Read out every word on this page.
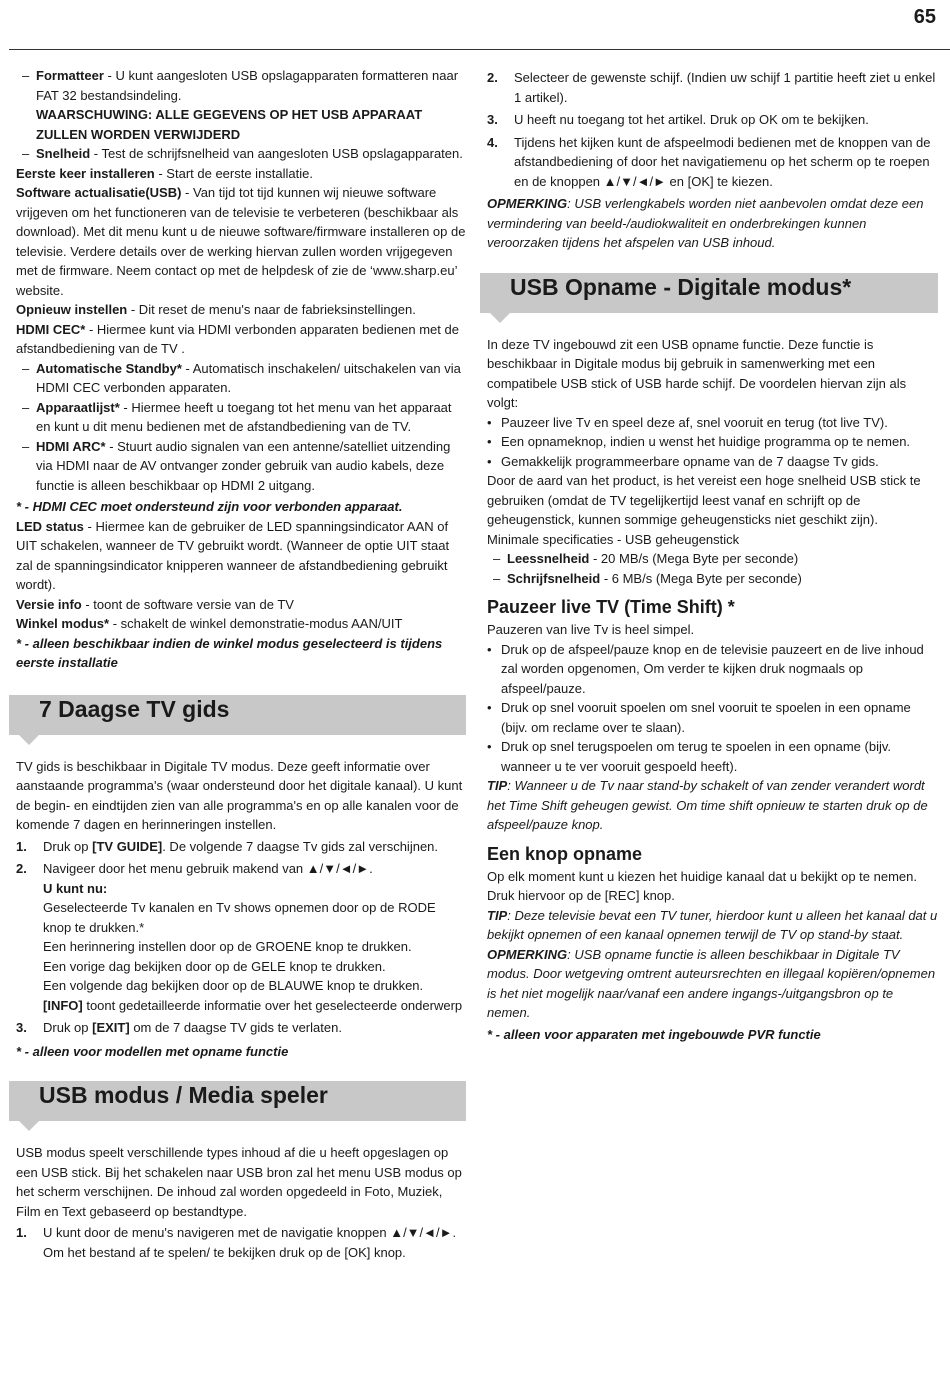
65

– Formatteer - U kunt aangesloten USB opslagapparaten formatteren naar FAT 32 bestandsindeling.

WAARSCHUWING: ALLE GEGEVENS OP HET USB APPARAAT ZULLEN WORDEN VERWIJDERD

– Snelheid - Test de schrijfsnelheid van aangesloten USB opslagapparaten.

Eerste keer installeren - Start de eerste installatie.

Software actualisatie(USB) - Van tijd tot tijd kunnen wij nieuwe software vrijgeven om het functioneren van de televisie te verbeteren (beschikbaar als download). Met dit menu kunt u de nieuwe software/firmware installeren op de televisie. Verdere details over de werking hiervan zullen worden vrijgegeven met de firmware. Neem contact op met de helpdesk of zie de ‘www.sharp.eu’ website.

Opnieuw instellen - Dit reset de menu's naar de fabrieksinstellingen.

HDMI CEC* - Hiermee kunt via HDMI verbonden apparaten bedienen met de afstandbediening van de TV .

– Automatische Standby* - Automatisch inschakelen/ uitschakelen van via HDMI CEC verbonden apparaten.

– Apparaatlijst* - Hiermee heeft u toegang tot het menu van het apparaat en kunt u dit menu bedienen met de afstandbediening van de TV.

– HDMI ARC* - Stuurt audio signalen van een antenne/satelliet uitzending via HDMI naar de AV ontvanger zonder gebruik van audio kabels, deze functie is alleen beschikbaar op HDMI 2 uitgang.

* - HDMI CEC moet ondersteund zijn voor verbonden apparaat.

LED status - Hiermee kan de gebruiker de LED spanningsindicator AAN of UIT schakelen, wanneer de TV gebruikt wordt. (Wanneer de optie UIT staat zal de spanningsindicator knipperen wanneer de afstandbediening gebruikt wordt).

Versie info - toont de software versie van de TV

Winkel modus* - schakelt de winkel demonstratie-modus AAN/UIT

* - alleen beschikbaar indien de winkel modus geselecteerd is tijdens eerste installatie

7 Daagse TV gids

TV gids is beschikbaar in Digitale TV modus. Deze geeft informatie over aanstaande programma's (waar ondersteund door het digitale kanaal). U kunt de begin- en eindtijden zien van alle programma's en op alle kanalen voor de komende 7 dagen en herinneringen instellen.

1. Druk op [TV GUIDE]. De volgende 7 daagse Tv gids zal verschijnen.
2. Navigeer door het menu gebruik makend van ▲/▼/◄/►.

U kunt nu:

Geselecteerde Tv kanalen en Tv shows opnemen door op de RODE knop te drukken.*

Een herinnering instellen door op de GROENE knop te drukken.

Een vorige dag bekijken door op de GELE knop te drukken.

Een volgende dag bekijken door op de BLAUWE knop te drukken.

[INFO] toont gedetailleerde informatie over het geselecteerde onderwerp

3. Druk op [EXIT] om de 7 daagse TV gids te verlaten.

* - alleen voor modellen met opname functie

USB modus / Media speler

USB modus speelt verschillende types inhoud af die u heeft opgeslagen op een USB stick. Bij het schakelen naar USB bron zal het menu USB modus op het scherm verschijnen. De inhoud zal worden opgedeeld in Foto, Muziek, Film en Text gebaseerd op bestandtype.

1. U kunt door de menu's navigeren met de navigatie knoppen ▲/▼/◄/►. Om het bestand af te spelen/ te bekijken druk op de [OK] knop.
2. Selecteer de gewenste schijf. (Indien uw schijf 1 partitie heeft ziet u enkel 1 artikel).
3. U heeft nu toegang tot het artikel. Druk op OK om te bekijken.
4. Tijdens het kijken kunt de afspeelmodi bedienen met de knoppen van de afstandbediening of door het navigatiemenu op het scherm op te roepen en de knoppen ▲/▼/◄/► en [OK] te kiezen.

OPMERKING: USB verlengkabels worden niet aanbevolen omdat deze een vermindering van beeld-/audiokwaliteit en onderbrekingen kunnen veroorzaken tijdens het afspelen van USB inhoud.

USB Opname - Digitale modus*

In deze TV ingebouwd zit een USB opname functie. Deze functie is beschikbaar in Digitale modus bij gebruik in samenwerking met een compatibele USB stick of USB harde schijf. De voordelen hiervan zijn als volgt:

• Pauzeer live Tv en speel deze af, snel vooruit en terug (tot live TV).

• Een opnameknop, indien u wenst het huidige programma op te nemen.

• Gemakkelijk programmeerbare opname van de 7 daagse Tv gids.

Door de aard van het product, is het vereist een hoge snelheid USB stick te gebruiken (omdat de TV tegelijkertijd leest vanaf en schrijft op de geheugenstick, kunnen sommige geheugensticks niet geschikt zijn).

Minimale specificaties - USB geheugenstick

– Leessnelheid - 20 MB/s (Mega Byte per seconde)

– Schrijfsnelheid - 6 MB/s (Mega Byte per seconde)

Pauzeer live TV (Time Shift) *

Pauzeren van live Tv is heel simpel.

• Druk op de afspeel/pauze knop en de televisie pauzeert en de live inhoud zal worden opgenomen, Om verder te kijken druk nogmaals op afspeel/pauze.

• Druk op snel vooruit spoelen om snel vooruit te spoelen in een opname (bijv. om reclame over te slaan).

• Druk op snel terugspoelen om terug te spoelen in een opname (bijv. wanneer u te ver vooruit gespoeld heeft).

TIP: Wanneer u de Tv naar stand-by schakelt of van zender verandert wordt het Time Shift geheugen gewist. Om time shift opnieuw te starten druk op de afspeel/pauze knop.

Een knop opname

Op elk moment kunt u kiezen het huidige kanaal dat u bekijkt op te nemen. Druk hiervoor op de [REC] knop.

TIP: Deze televisie bevat een TV tuner, hierdoor kunt u alleen het kanaal dat u bekijkt opnemen of een kanaal opnemen terwijl de TV op stand-by staat.

OPMERKING: USB opname functie is alleen beschikbaar in Digitale TV modus. Door wetgeving omtrent auteursrechten en illegaal kopiëren/opnemen is het niet mogelijk naar/vanaf een andere ingangs-/uitgangsbron op te nemen.

* - alleen voor apparaten met ingebouwde PVR functie
